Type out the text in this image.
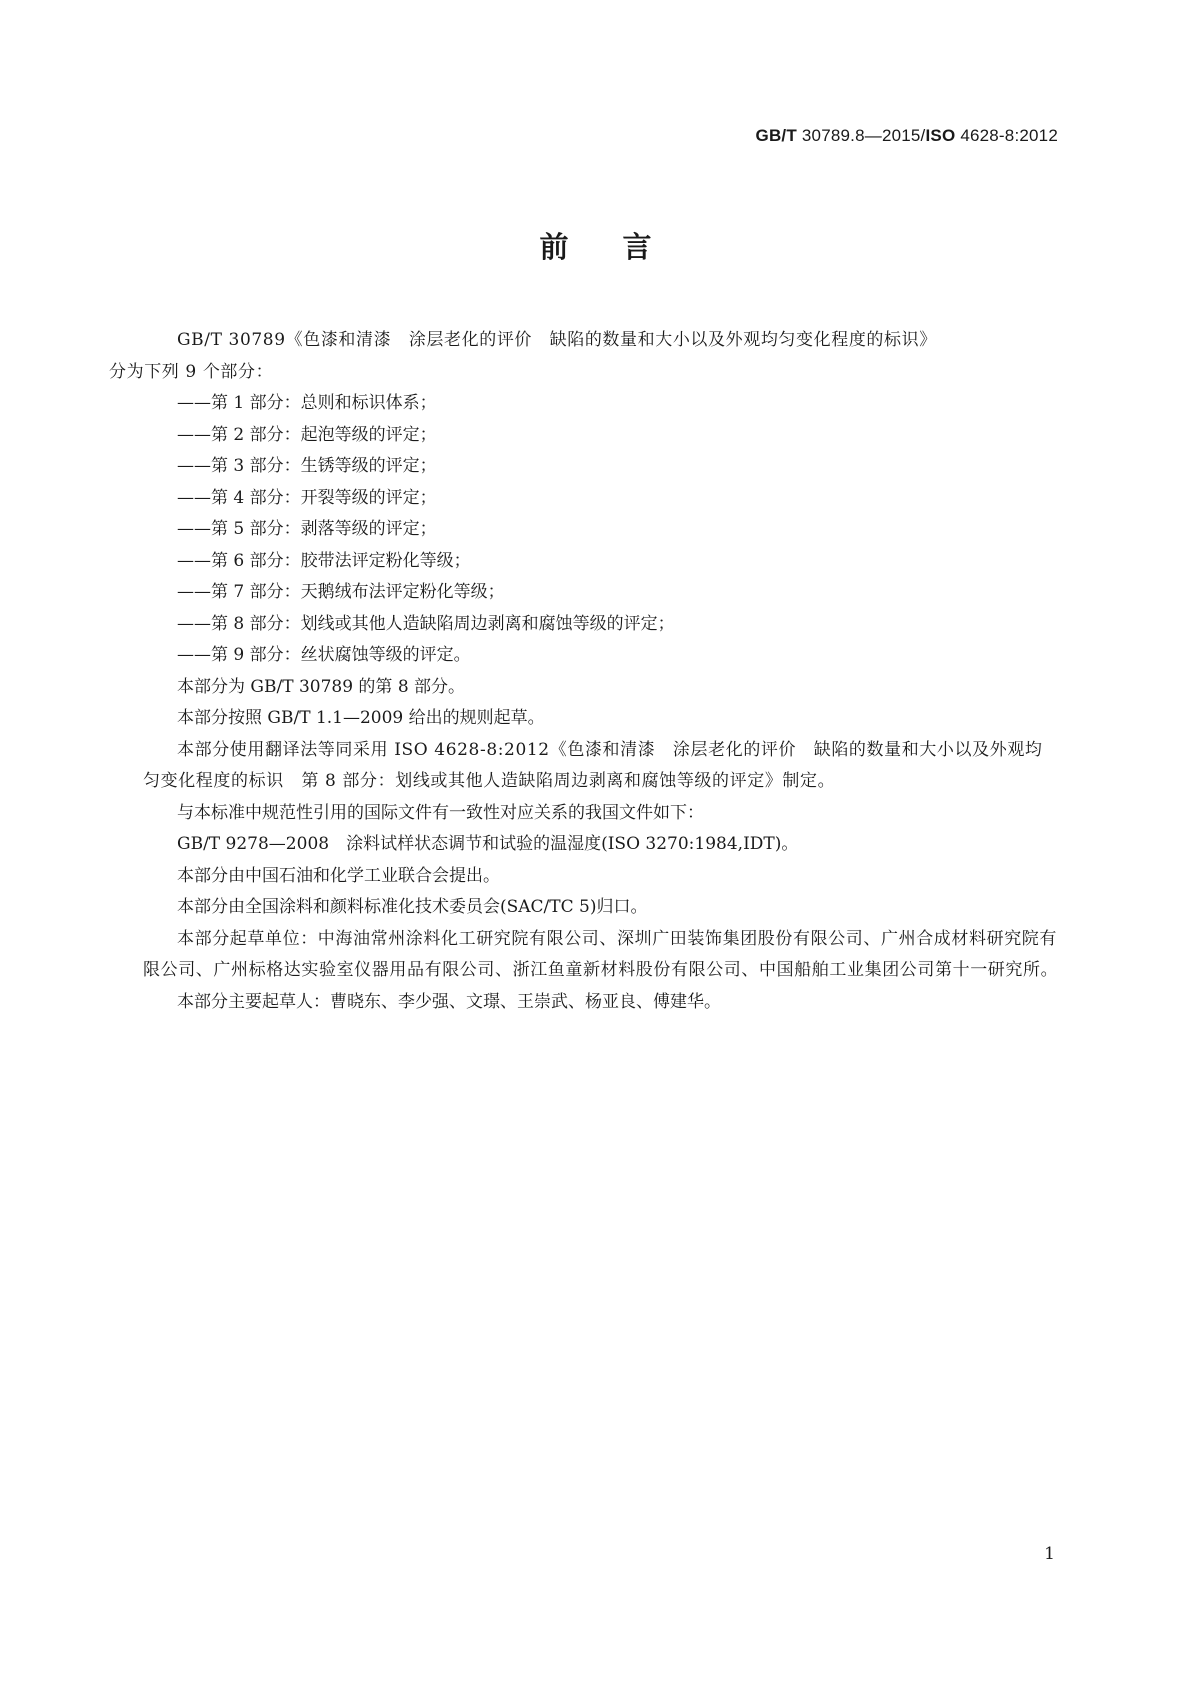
GB/T 30789.8—2015/ISO 4628-8:2012
前言

GB/T 30789《色漆和清漆　涂层老化的评价　缺陷的数量和大小以及外观均匀变化程度的标识》
分为下列 9 个部分：

——第 1 部分：总则和标识体系；
——第 2 部分：起泡等级的评定；
——第 3 部分：生锈等级的评定；
——第 4 部分：开裂等级的评定；
——第 5 部分：剥落等级的评定；
——第 6 部分：胶带法评定粉化等级；
——第 7 部分：天鹅绒布法评定粉化等级；
——第 8 部分：划线或其他人造缺陷周边剥离和腐蚀等级的评定；
——第 9 部分：丝状腐蚀等级的评定。

本部分为 GB/T 30789 的第 8 部分。

本部分按照 GB/T 1.1—2009 给出的规则起草。

本部分使用翻译法等同采用 ISO 4628-8:2012《色漆和清漆　涂层老化的评价　缺陷的数量和大小以及外观均匀变化程度的标识　第 8 部分：划线或其他人造缺陷周边剥离和腐蚀等级的评定》制定。

与本标准中规范性引用的国际文件有一致性对应关系的我国文件如下：

GB/T 9278—2008　涂料试样状态调节和试验的温湿度(ISO 3270:1984,IDT)。

本部分由中国石油和化学工业联合会提出。

本部分由全国涂料和颜料标准化技术委员会(SAC/TC 5)归口。

本部分起草单位：中海油常州涂料化工研究院有限公司、深圳广田装饰集团股份有限公司、广州合成材料研究院有限公司、广州标格达实验室仪器用品有限公司、浙江鱼童新材料股份有限公司、中国船舶工业集团公司第十一研究所。

本部分主要起草人：曹晓东、李少强、文璟、王崇武、杨亚良、傅建华。

1
